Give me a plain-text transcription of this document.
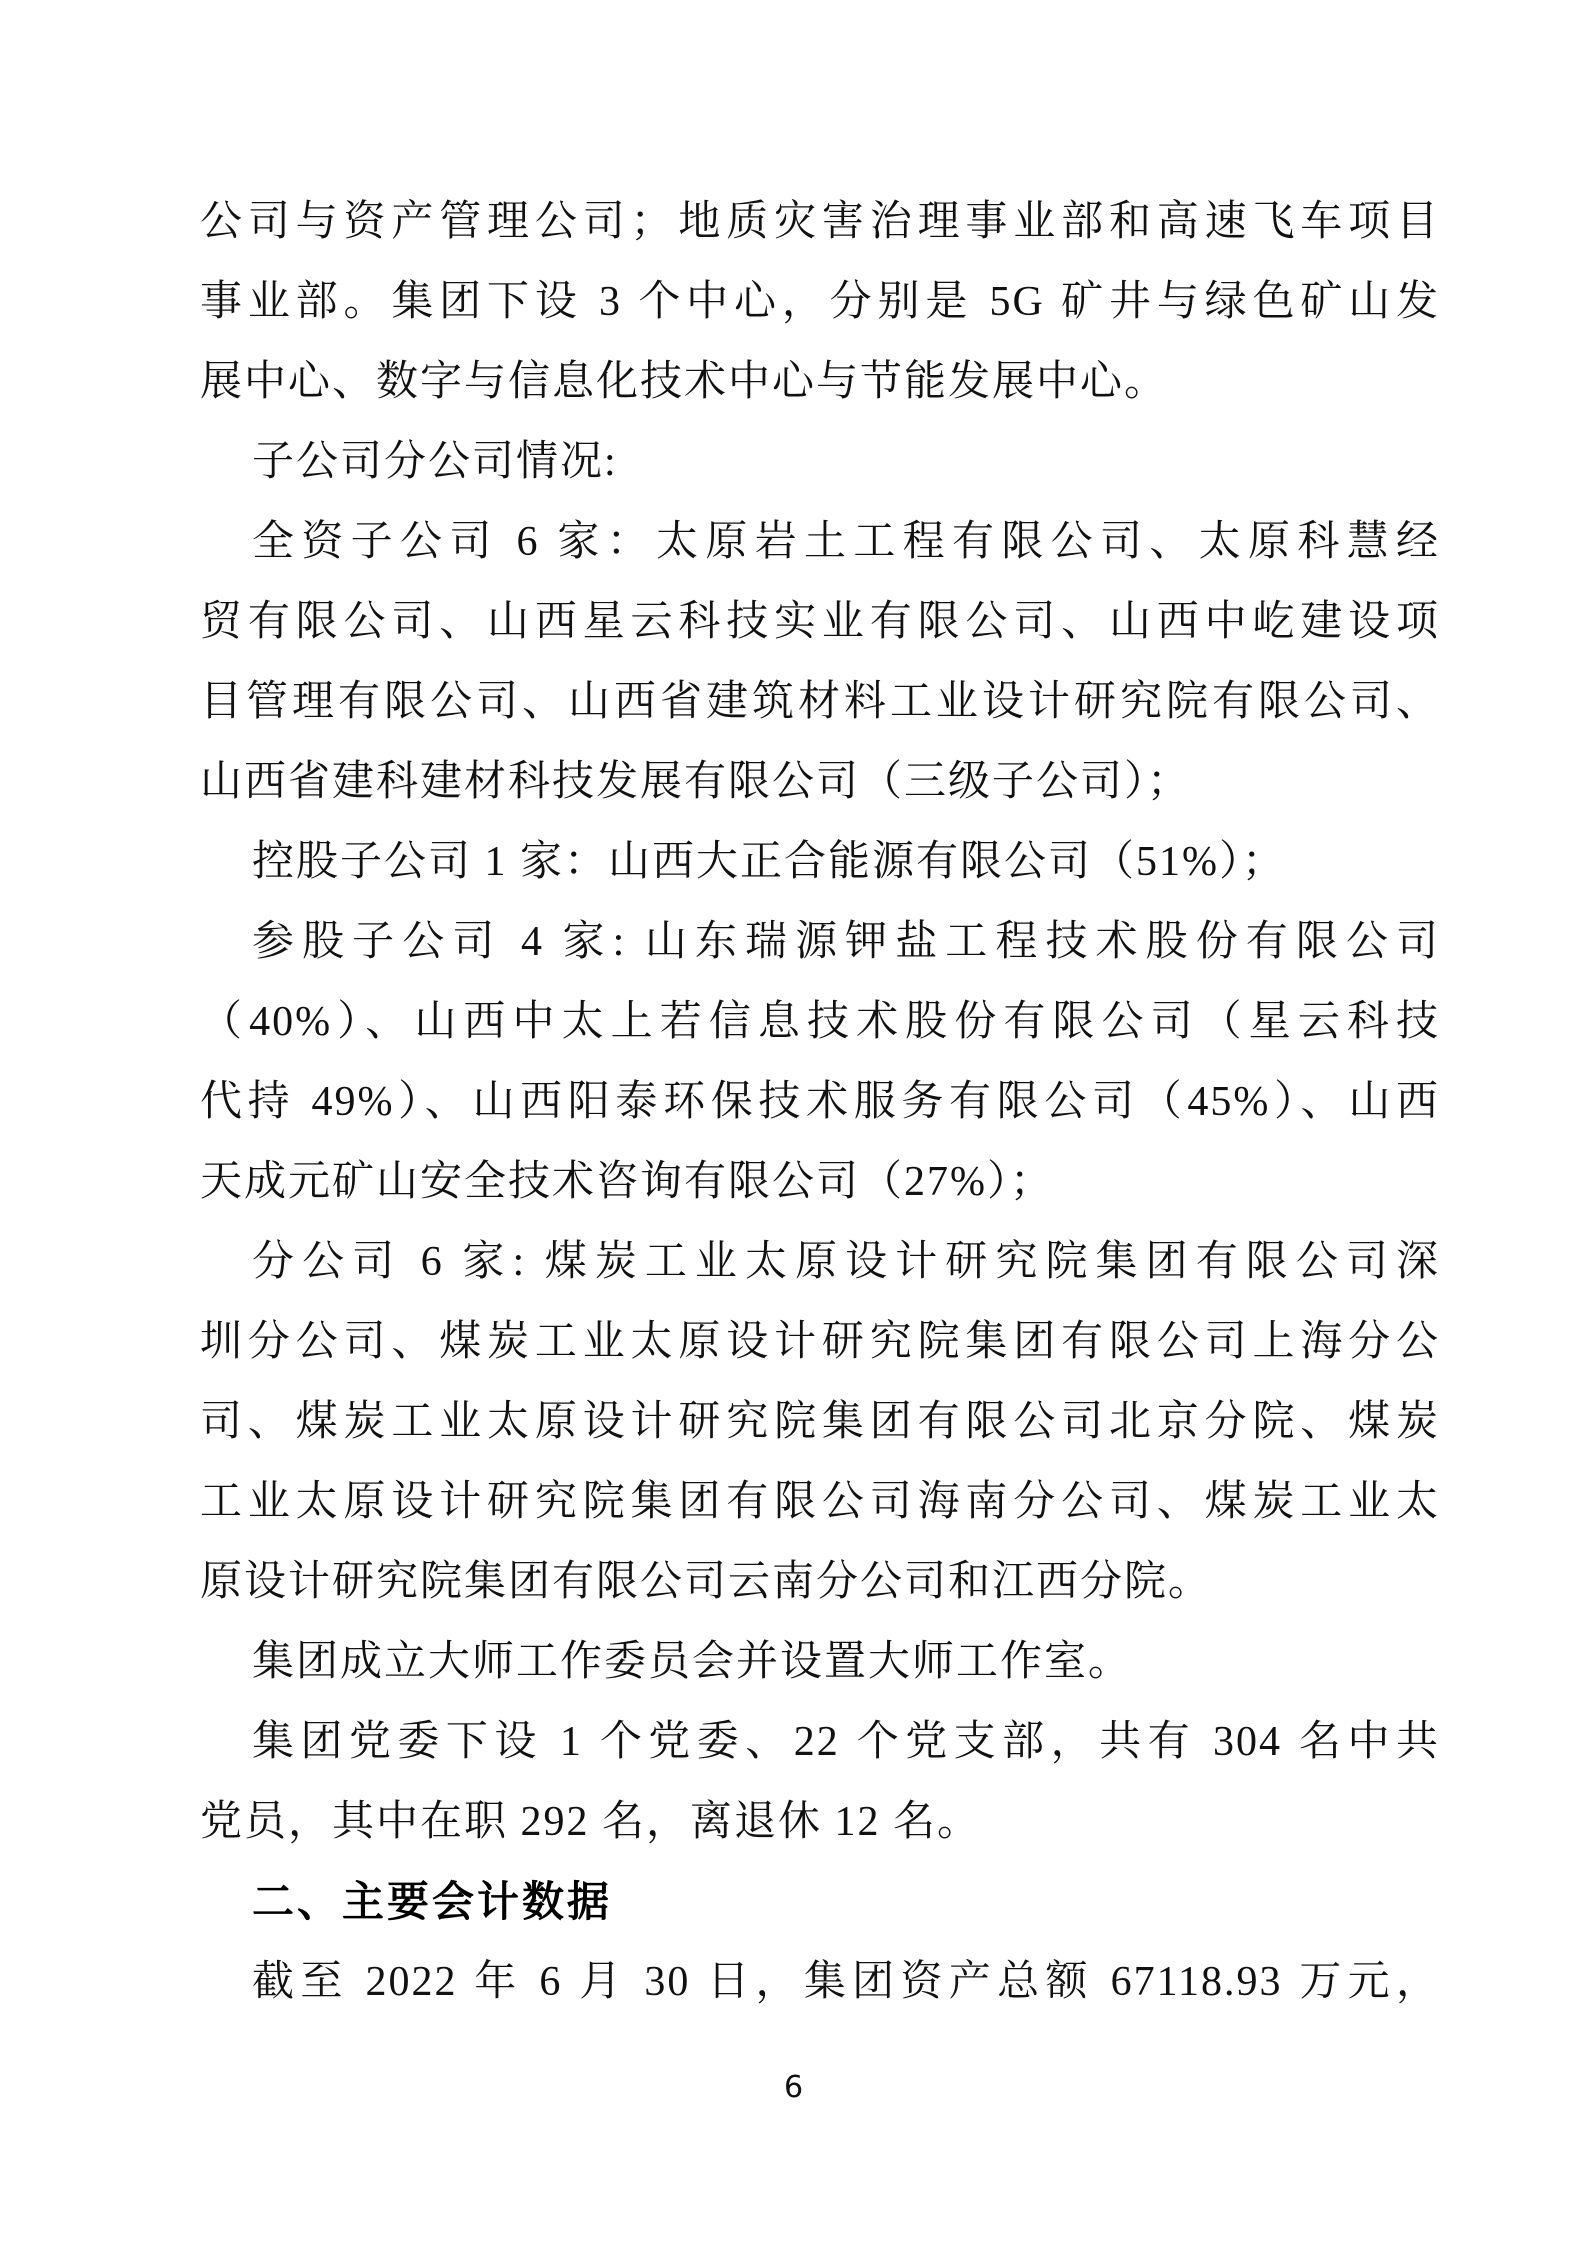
公司与资产管理公司；地质灾害治理事业部和高速飞车项目
事业部。集团下设 3 个中心，分别是 5G 矿井与绿色矿山发
展中心、数字与信息化技术中心与节能发展中心。
子公司分公司情况:
全资子公司 6 家：太原岩土工程有限公司、太原科慧经
贸有限公司、山西星云科技实业有限公司、山西中屹建设项
目管理有限公司、山西省建筑材料工业设计研究院有限公司、
山西省建科建材科技发展有限公司（三级子公司）；
控股子公司 1 家：山西大正合能源有限公司（51%）；
参股子公司 4 家: 山东瑞源钾盐工程技术股份有限公司
（40%）、山西中太上若信息技术股份有限公司（星云科技
代持 49%）、山西阳泰环保技术服务有限公司（45%）、山西
天成元矿山安全技术咨询有限公司（27%）；
分公司 6 家: 煤炭工业太原设计研究院集团有限公司深
圳分公司、煤炭工业太原设计研究院集团有限公司上海分公
司、煤炭工业太原设计研究院集团有限公司北京分院、煤炭
工业太原设计研究院集团有限公司海南分公司、煤炭工业太
原设计研究院集团有限公司云南分公司和江西分院。
集团成立大师工作委员会并设置大师工作室。
集团党委下设 1 个党委、22 个党支部，共有 304 名中共
党员，其中在职 292 名，离退休 12 名。
二、主要会计数据
截至 2022 年 6 月 30 日，集团资产总额 67118.93 万元，
6
